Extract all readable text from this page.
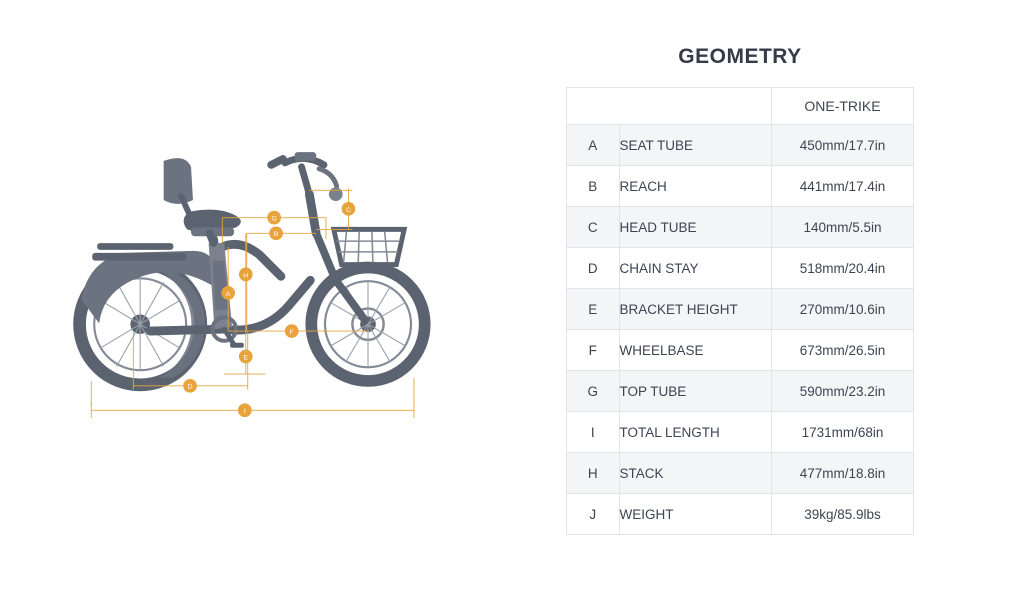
A
B
C
D
E
F
G
H
I
GEOMETRY
		ONE-TRIKE
A	SEAT TUBE	450mm/17.7in
B	REACH	441mm/17.4in
C	HEAD TUBE	140mm/5.5in
D	CHAIN STAY	518mm/20.4in
E	BRACKET HEIGHT	270mm/10.6in
F	WHEELBASE	673mm/26.5in
G	TOP TUBE	590mm/23.2in
I	TOTAL LENGTH	1731mm/68in
H	STACK	477mm/18.8in
J	WEIGHT	39kg/85.9lbs
